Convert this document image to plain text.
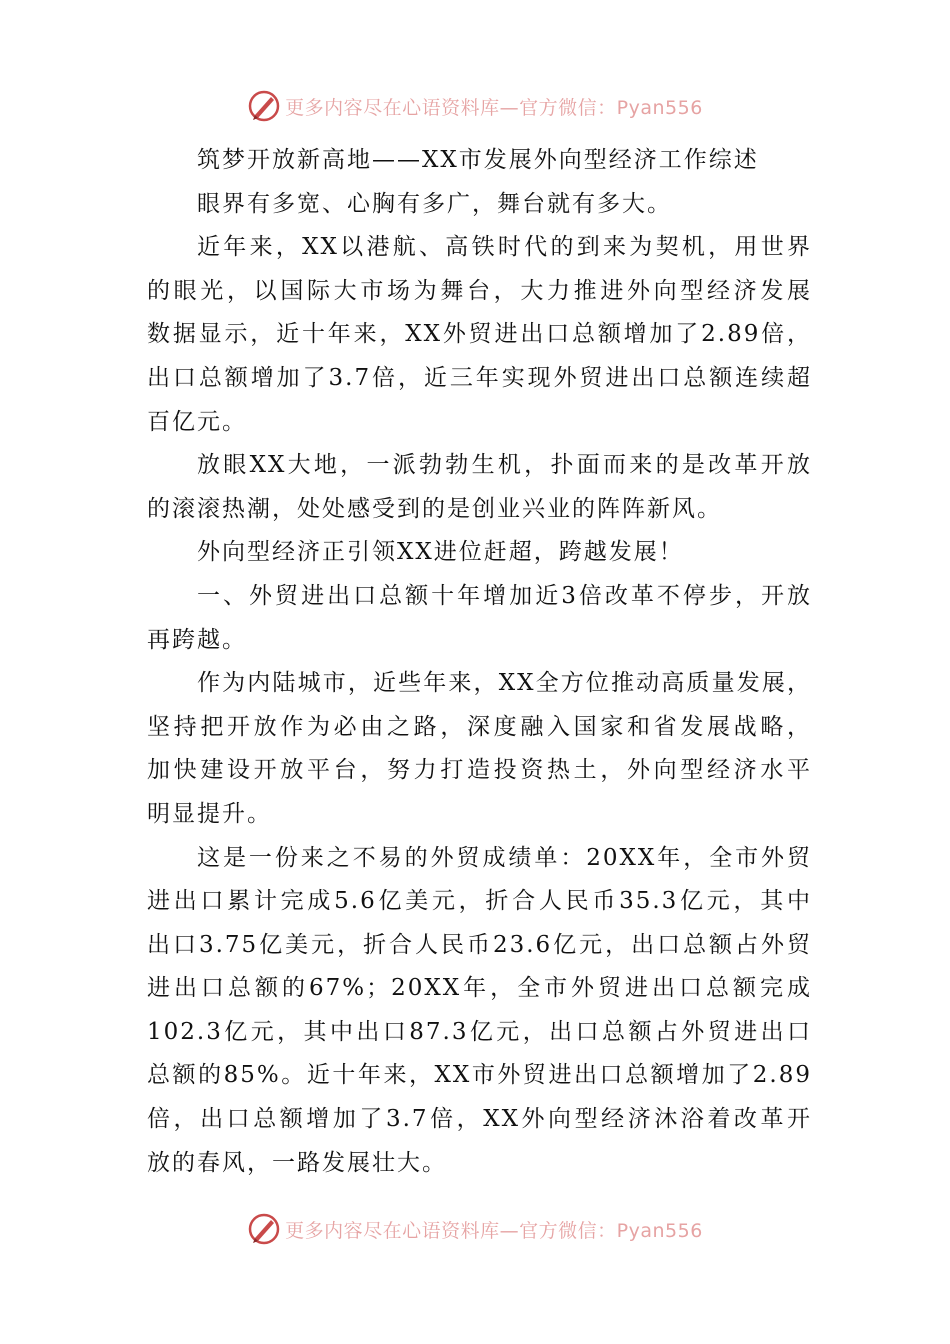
更多内容尽在心语资料库—官方微信：Pyan556
筑梦开放新高地——XX市发展外向型经济工作综述
眼界有多宽、心胸有多广，舞台就有多大。
近年来，XX以港航、高铁时代的到来为契机，用世界
的眼光，以国际大市场为舞台，大力推进外向型经济发展
数据显示，近十年来，XX外贸进出口总额增加了2.89倍，
出口总额增加了3.7倍，近三年实现外贸进出口总额连续超
百亿元。
放眼XX大地，一派勃勃生机，扑面而来的是改革开放
的滚滚热潮，处处感受到的是创业兴业的阵阵新风。
外向型经济正引领XX进位赶超，跨越发展！
一、外贸进出口总额十年增加近3倍改革不停步，开放
再跨越。
作为内陆城市，近些年来，XX全方位推动高质量发展，
坚持把开放作为必由之路，深度融入国家和省发展战略，
加快建设开放平台，努力打造投资热土，外向型经济水平
明显提升。
这是一份来之不易的外贸成绩单：20XX年，全市外贸
进出口累计完成5.6亿美元，折合人民币35.3亿元，其中
出口3.75亿美元，折合人民币23.6亿元，出口总额占外贸
进出口总额的67%；20XX年，全市外贸进出口总额完成
102.3亿元，其中出口87.3亿元，出口总额占外贸进出口
总额的85%。近十年来，XX市外贸进出口总额增加了2.89
倍，出口总额增加了3.7倍，XX外向型经济沐浴着改革开
放的春风，一路发展壮大。
更多内容尽在心语资料库—官方微信：Pyan556
